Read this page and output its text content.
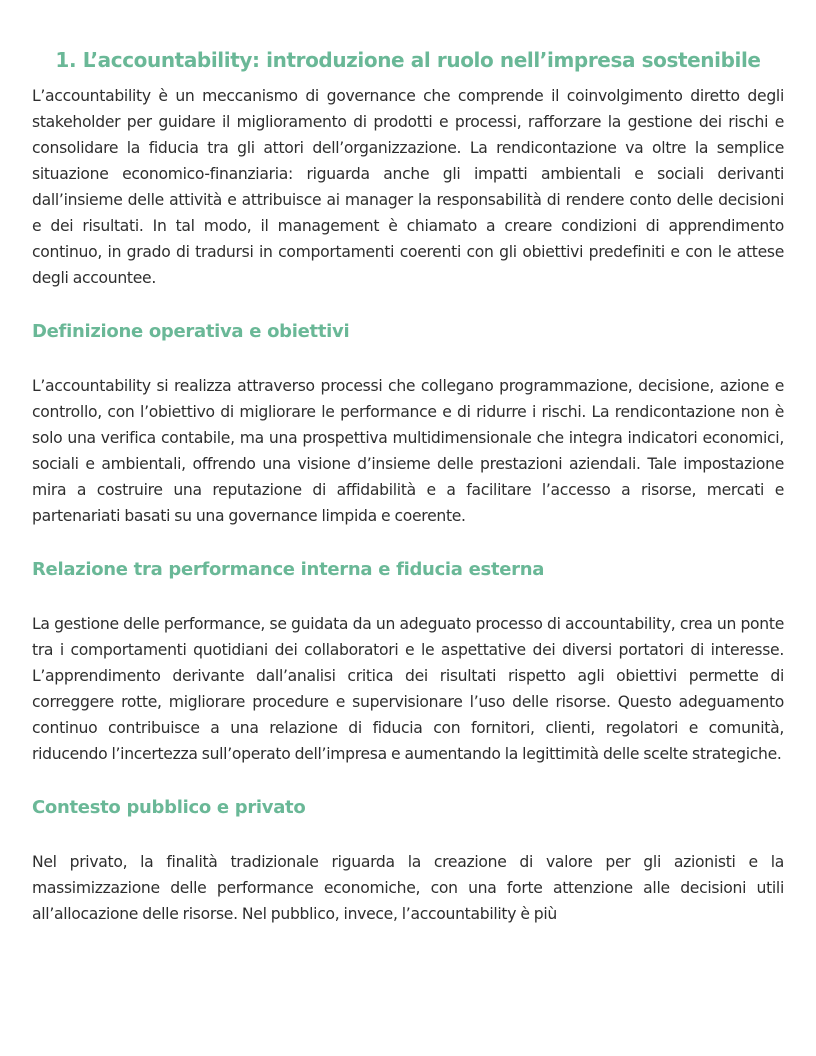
1. L’accountability: introduzione al ruolo nell’impresa sostenibile

L’accountability è un meccanismo di governance che comprende il coinvolgimento diretto degli stakeholder per guidare il miglioramento di prodotti e processi, rafforzare la gestione dei rischi e consolidare la fiducia tra gli attori dell’organizzazione. La rendicontazione va oltre la semplice situazione economico-finanziaria: riguarda anche gli impatti ambientali e sociali derivanti dall’insieme delle attività e attribuisce ai manager la responsabilità di rendere conto delle decisioni e dei risultati. In tal modo, il management è chiamato a creare condizioni di apprendimento continuo, in grado di tradursi in comportamenti coerenti con gli obiettivi predefiniti e con le attese degli accountee.

Definizione operativa e obiettivi

L’accountability si realizza attraverso processi che collegano programmazione, decisione, azione e controllo, con l’obiettivo di migliorare le performance e di ridurre i rischi. La rendicontazione non è solo una verifica contabile, ma una prospettiva multidimensionale che integra indicatori economici, sociali e ambientali, offrendo una visione d’insieme delle prestazioni aziendali. Tale impostazione mira a costruire una reputazione di affidabilità e a facilitare l’accesso a risorse, mercati e partenariati basati su una governance limpida e coerente.

Relazione tra performance interna e fiducia esterna

La gestione delle performance, se guidata da un adeguato processo di accountability, crea un ponte tra i comportamenti quotidiani dei collaboratori e le aspettative dei diversi portatori di interesse. L’apprendimento derivante dall’analisi critica dei risultati rispetto agli obiettivi permette di correggere rotte, migliorare procedure e supervisionare l’uso delle risorse. Questo adeguamento continuo contribuisce a una relazione di fiducia con fornitori, clienti, regolatori e comunità, riducendo l’incertezza sull’operato dell’impresa e aumentando la legittimità delle scelte strategiche.

Contesto pubblico e privato

Nel privato, la finalità tradizionale riguarda la creazione di valore per gli azionisti e la massimizzazione delle performance economiche, con una forte attenzione alle decisioni utili all’allocazione delle risorse. Nel pubblico, invece, l’accountability è più
